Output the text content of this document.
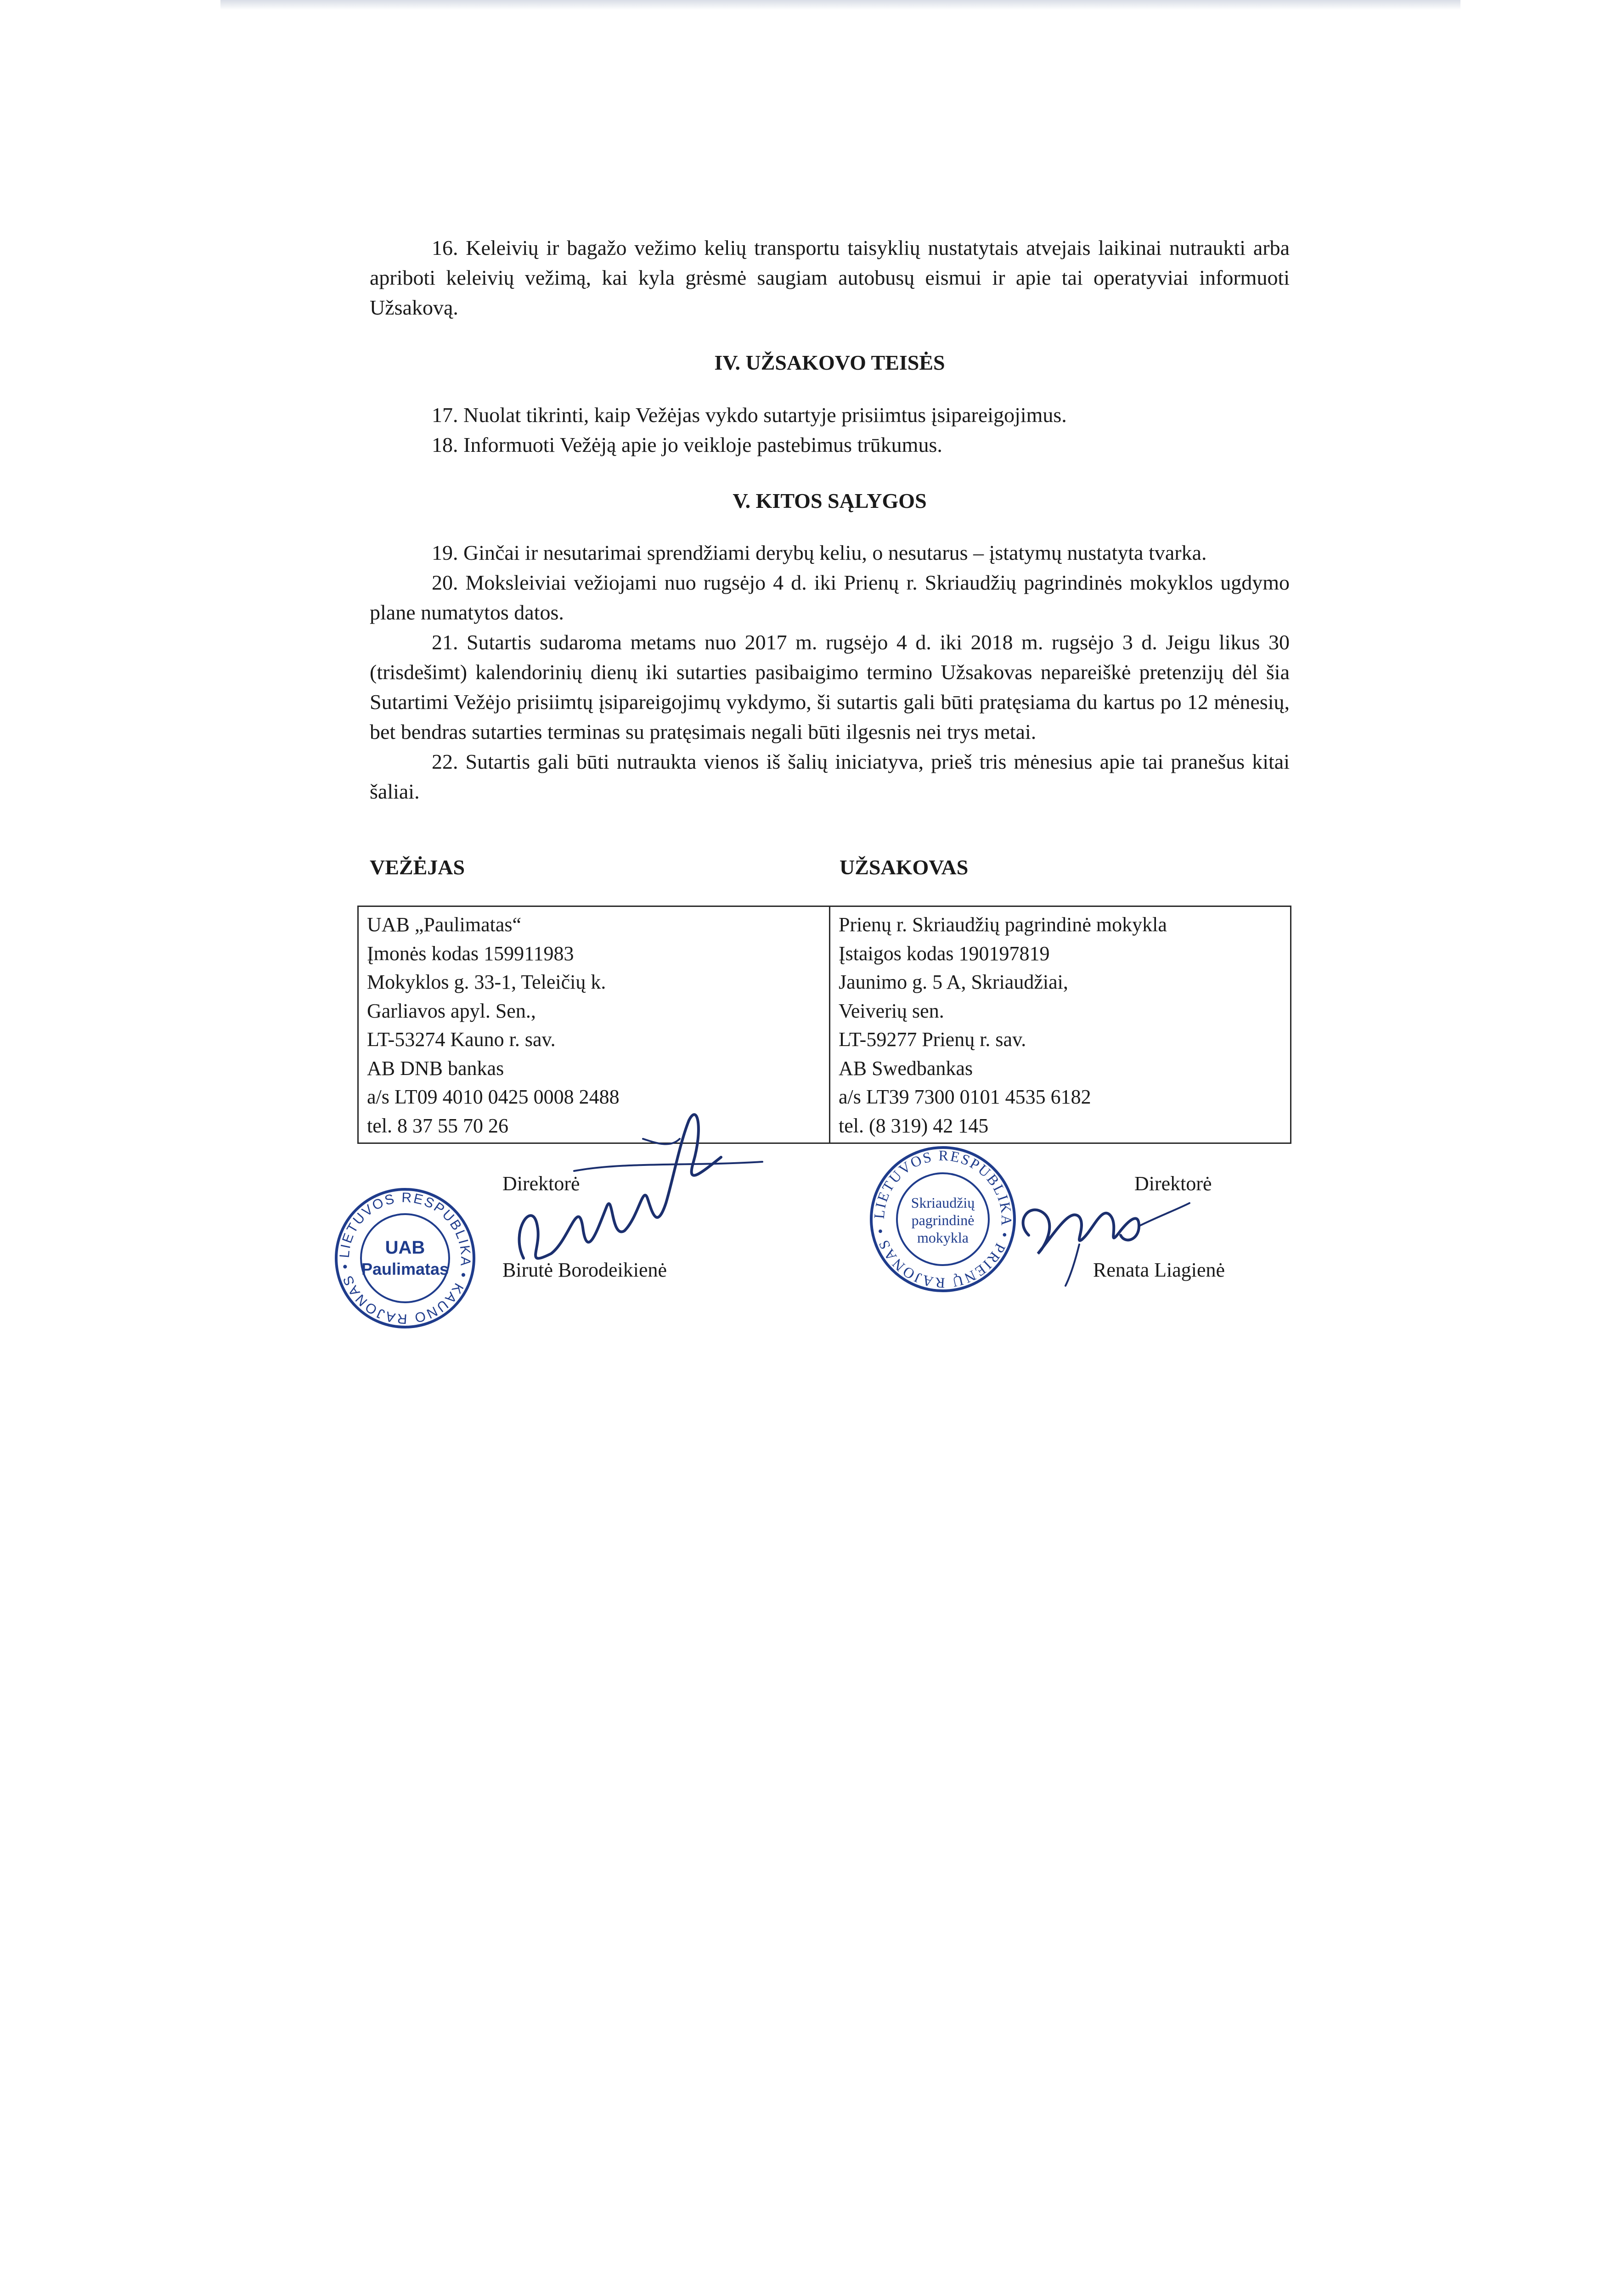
16. Keleivių ir bagažo vežimo kelių transportu taisyklių nustatytais atvejais laikinai nutraukti arba apriboti keleivių vežimą, kai kyla grėsmė saugiam autobusų eismui ir apie tai operatyviai informuoti Užsakovą.

IV. UŽSAKOVO TEISĖS

17. Nuolat tikrinti, kaip Vežėjas vykdo sutartyje prisiimtus įsipareigojimus.

18. Informuoti Vežėją apie jo veikloje pastebimus trūkumus.

V. KITOS SĄLYGOS

19. Ginčai ir nesutarimai sprendžiami derybų keliu, o nesutarus – įstatymų nustatyta tvarka.

20. Moksleiviai vežiojami nuo rugsėjo 4 d. iki Prienų r. Skriaudžių pagrindinės mokyklos ugdymo plane numatytos datos.

21. Sutartis sudaroma metams nuo 2017 m. rugsėjo 4 d. iki 2018 m. rugsėjo 3 d. Jeigu likus 30 (trisdešimt) kalendorinių dienų iki sutarties pasibaigimo termino Užsakovas nepareiškė pretenzijų dėl šia Sutartimi Vežėjo prisiimtų įsipareigojimų vykdymo, ši sutartis gali būti pratęsiama du kartus po 12 mėnesių, bet bendras sutarties terminas su pratęsimais negali būti ilgesnis nei trys metai.

22. Sutartis gali būti nutraukta vienos iš šalių iniciatyva, prieš tris mėnesius apie tai pranešus kitai šaliai.

VEŽĖJAS	UŽSAKOVAS
UAB „Paulimatas“
Įmonės kodas 159911983
Mokyklos g. 33-1, Teleičių k.
Garliavos apyl. Sen.,
LT-53274 Kauno r. sav.
AB DNB bankas
a/s LT09 4010 0425 0008 2488
tel. 8 37 55 70 26
Prienų r. Skriaudžių pagrindinė mokykla
Įstaigos kodas 190197819
Jaunimo g. 5 A, Skriaudžiai,
Veiverių sen.
LT-59277 Prienų r. sav.
AB Swedbankas
a/s LT39 7300 0101 4535 6182
tel. (8 319) 42 145
Direktorė
Birutė Borodeikienė
LIETUVOS RESPUBLIKA • KAUNO RAJONAS •
UAB
Paulimatas
Direktorė
Renata Liagienė
LIETUVOS RESPUBLIKA • PRIENŲ RAJONAS •
Skriaudžių
pagrindinė
mokykla
